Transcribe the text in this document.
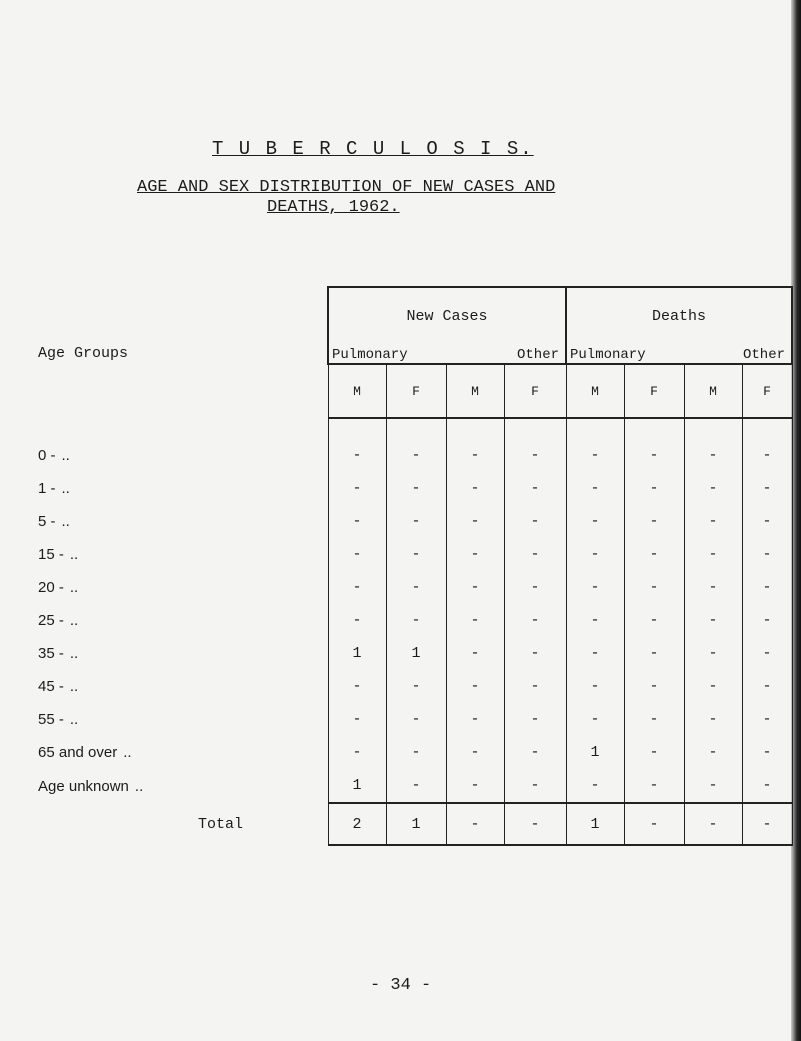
T U B E R C U L O S I S.
AGE AND SEX DISTRIBUTION OF NEW CASES AND
DEATHS, 1962.
Age Groups	New Cases				Deaths			

	Pulmonary Other				Pulmonary Other			

	M	F	M	F	M	F	M	F

0 - ..	-	-	-	-	-	-	-	-
1 - ..	-	-	-	-	-	-	-	-
5 - ..	-	-	-	-	-	-	-	-
15 - ..	-	-	-	-	-	-	-	-
20 - ..	-	-	-	-	-	-	-	-
25 - ..	-	-	-	-	-	-	-	-
35 - ..	1	1	-	-	-	-	-	-
45 - ..	-	-	-	-	-	-	-	-
55 - ..	-	-	-	-	-	-	-	-
65 and over ..	-	-	-	-	1	-	-	-
Age unknown ..	1	-	-	-	-	-	-	-
Total	2	1	-	-	1	-	-	-
- 34 -
